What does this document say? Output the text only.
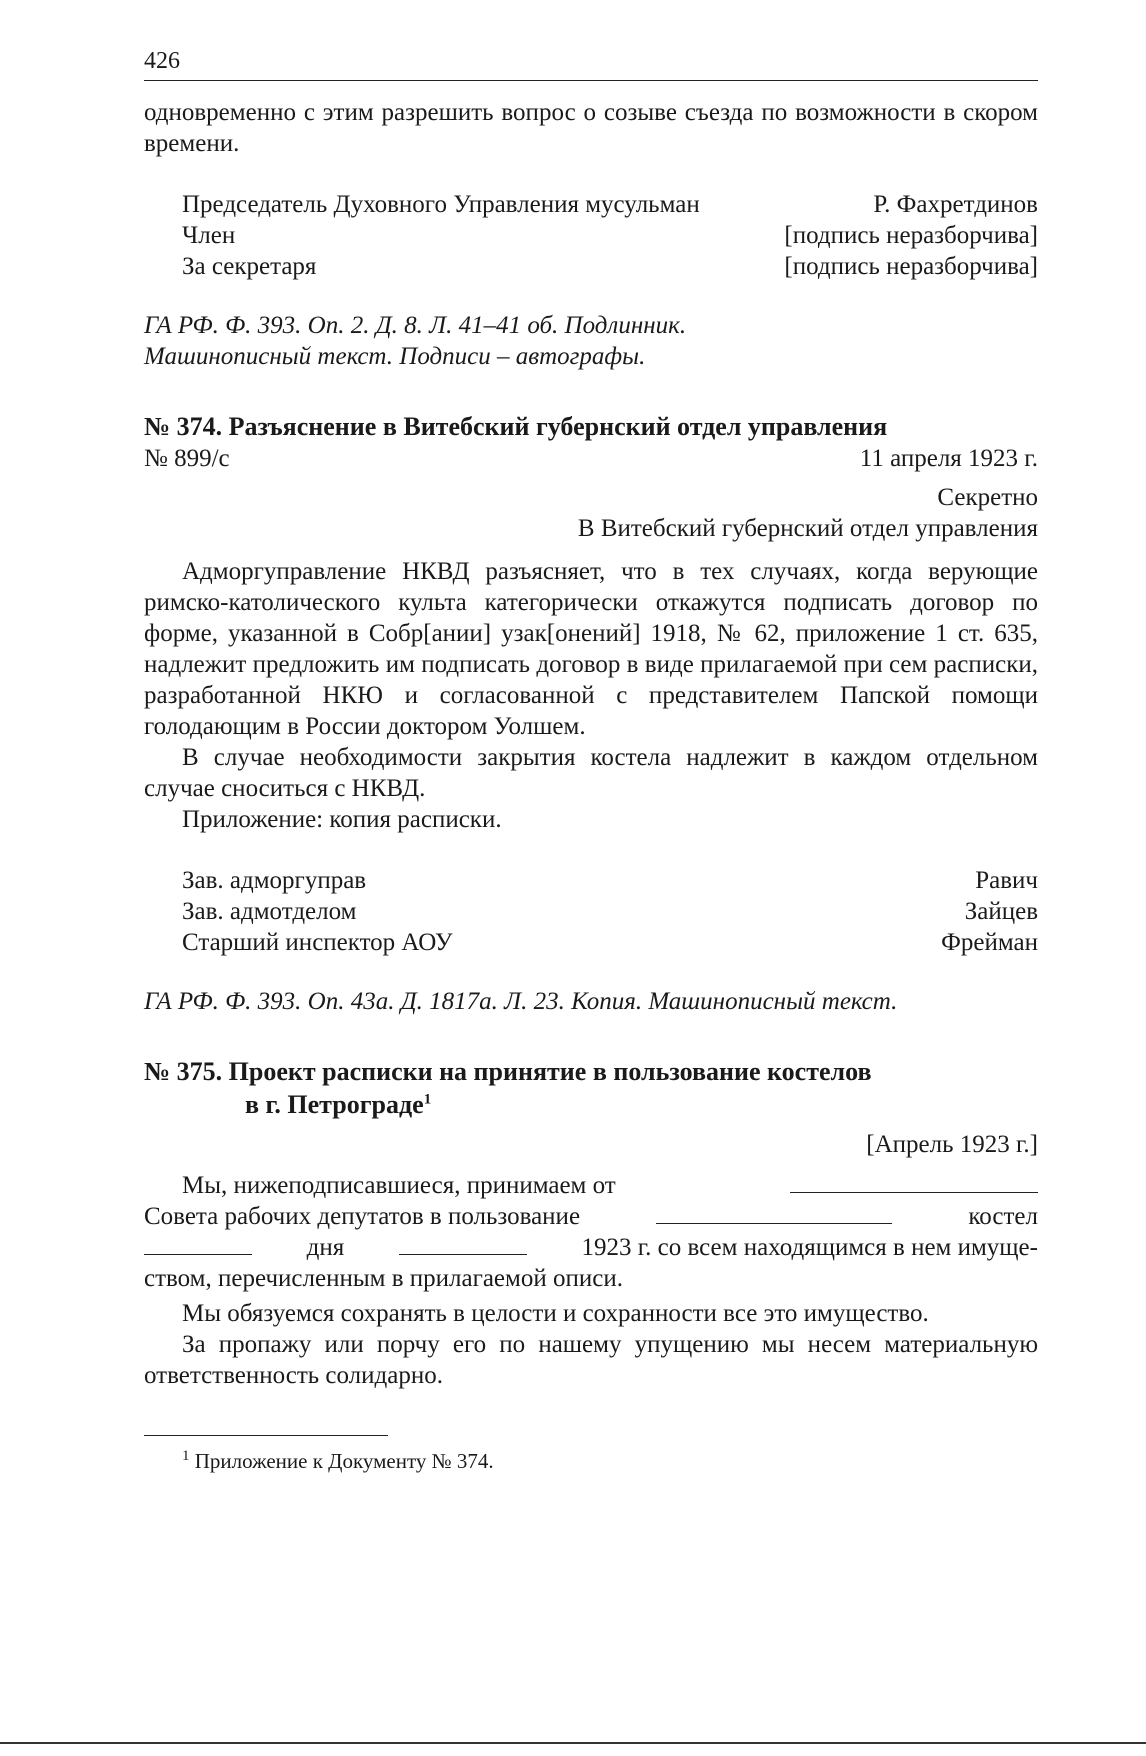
426

одновременно с этим разрешить вопрос о созыве съезда по возможности в скором времени.

Председатель Духовного Управления мусульман	Р. Фахретдинов
Член	[подпись неразборчива]
За секретаря	[подпись неразборчива]
ГА РФ. Ф. 393. Оп. 2. Д. 8. Л. 41–41 об. Подлинник.
Машинописный текст. Подписи – автографы.
№ 374. Разъяснение в Витебский губернский отдел управления
№ 899/с	11 апреля 1923 г.
Секретно
В Витебский губернский отдел управления

Адморгуправление НКВД разъясняет, что в тех случаях, когда верующие римско-католического культа категорически откажутся подписать договор по форме, указанной в Собр[ании] узак[онений] 1918, № 62, приложение 1 ст. 635, надлежит предложить им подписать договор в виде прилагаемой при сем расписки, разработанной НКЮ и согласованной с представителем Папской помощи голодающим в России доктором Уолшем.

В случае необходимости закрытия костела надлежит в каждом отдельном случае сноситься с НКВД.

Приложение: копия расписки.

Зав. адморгуправ	Равич
Зав. адмотделом	Зайцев
Старший инспектор АОУ	Фрейман
ГА РФ. Ф. 393. Оп. 43а. Д. 1817а. Л. 23. Копия. Машинописный текст.
№ 375. Проект расписки на принятие в пользование костелов
в г. Петрограде$^1$
[Апрель 1923 г.]
Мы, нижеподписавшиеся, принимаем от
Совета рабочих депутатов в пользование	костел
дня	1923 г. со всем находящимся в нем имуще-
ством, перечисленным в прилагаемой описи.

Мы обязуемся сохранять в целости и сохранности все это имущество.

За пропажу или порчу его по нашему упущению мы несем материальную ответственность солидарно.

$^1$ Приложение к Документу № 374.
